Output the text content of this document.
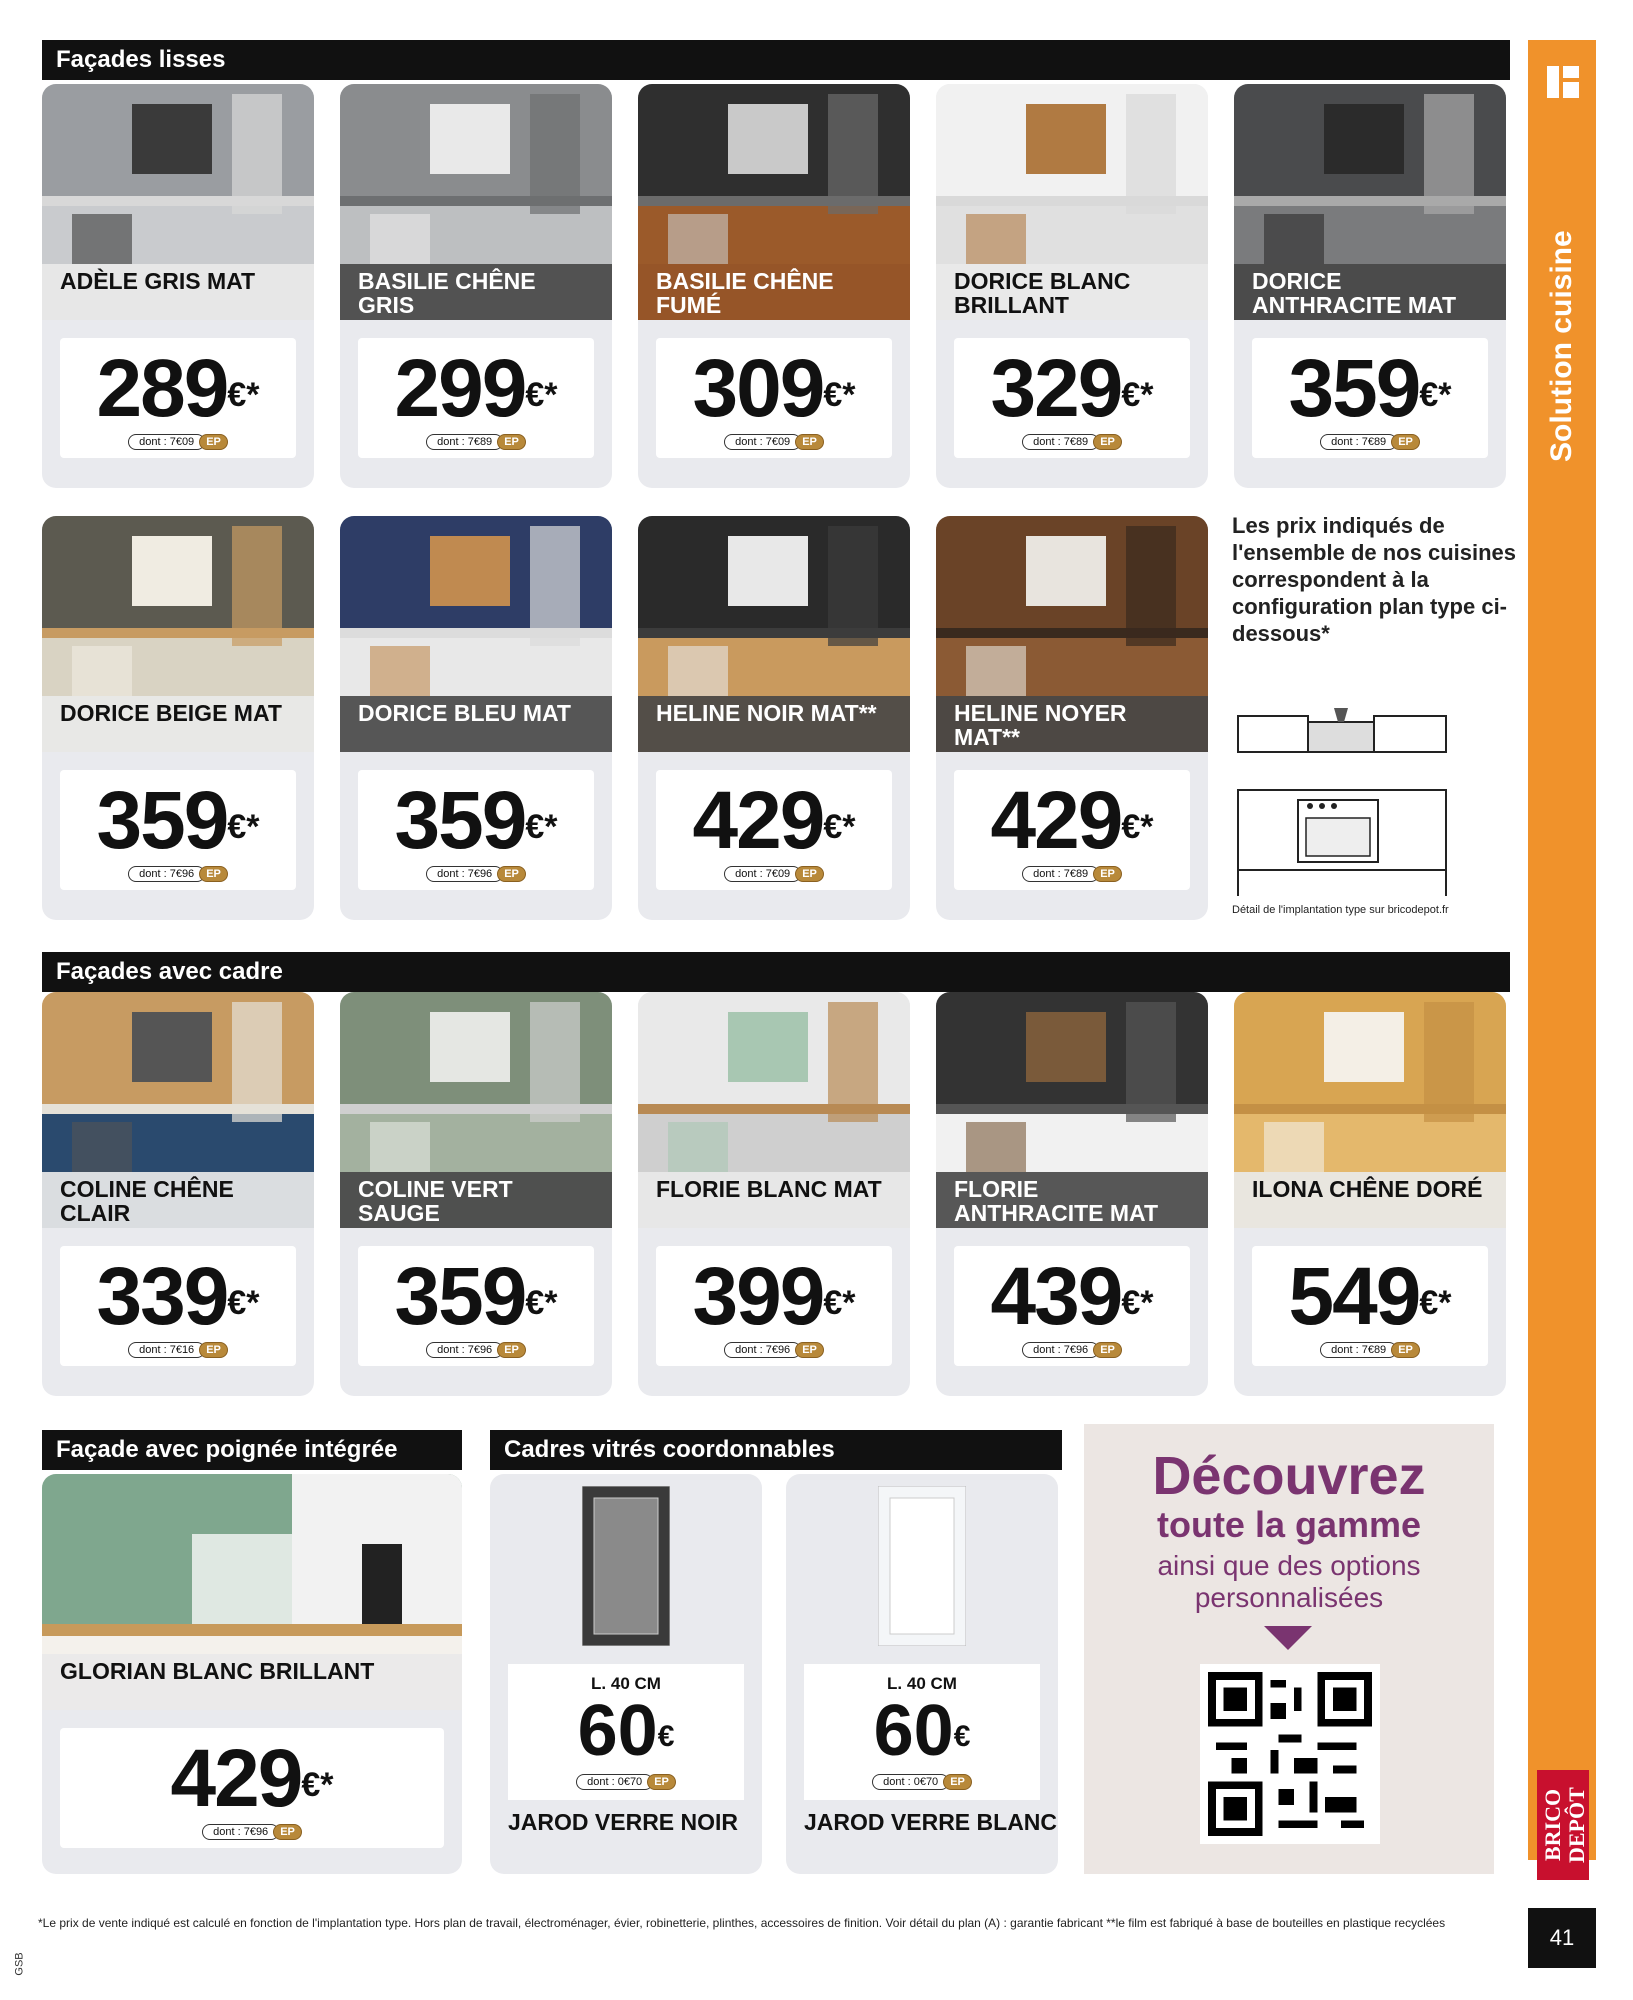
BRICO DEPÔT
41
Façades lisses
Façades avec cadre
Façade avec poignée intégrée	Cadres vitrés coordonnables
ADÈLE GRIS MAT
289€*
dont : 7€09 EP
BASILIE CHÊNE GRIS
299€*
dont : 7€89 EP
BASILIE CHÊNE FUMÉ
309€*
dont : 7€09 EP
DORICE BLANC BRILLANT
329€*
dont : 7€89 EP
DORICE ANTHRACITE MAT
359€*
dont : 7€89 EP
DORICE BEIGE MAT
359€*
dont : 7€96 EP
DORICE BLEU MAT
359€*
dont : 7€96 EP
HELINE NOIR MAT**
429€*
dont : 7€09 EP
HELINE NOYER MAT**
429€*
dont : 7€89 EP
COLINE CHÊNE CLAIR
339€*
dont : 7€16 EP
COLINE VERT SAUGE
359€*
dont : 7€96 EP
FLORIE BLANC MAT
399€*
dont : 7€96 EP
FLORIE ANTHRACITE MAT
439€*
dont : 7€96 EP
ILONA CHÊNE DORÉ
549€*
dont : 7€89 EP
Les prix indiqués de l'ensemble de nos cuisines correspondent à la configuration plan type ci-dessous*
Détail de l'implantation type sur bricodepot.fr
GLORIAN BLANC BRILLANT
429€*
dont : 7€96 EP
L. 40 CM
60€
dont : 0€70 EP
JAROD VERRE NOIR
L. 40 CM
60€
dont : 0€70 EP
JAROD VERRE BLANC
Découvrez
toute la gamme

ainsi que des options personnalisées

*Le prix de vente indiqué est calculé en fonction de l'implantation type. Hors plan de travail, électroménager, évier, robinetterie, plinthes, accessoires de finition. Voir détail du plan (A) : garantie fabricant **le film est fabriqué à base de bouteilles en plastique recyclées
GSB
